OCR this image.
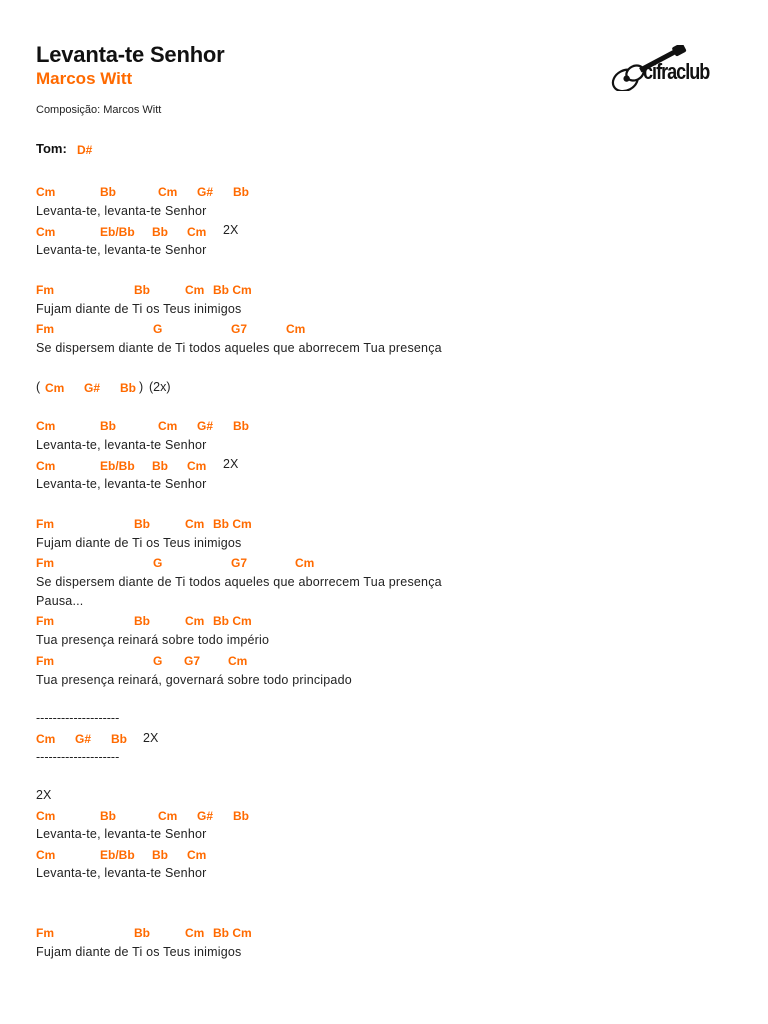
Levanta-te Senhor
Marcos Witt
Composição: Marcos Witt
Tom: D#
cifraclub
Cm	Bb	Cm G# Bb
Levanta-te, levanta-te Senhor
Cm	Eb/Bb Bb Cm 2X
Levanta-te, levanta-te Senhor
Fm	Bb	Cm Bb Cm
Fujam diante de Ti os Teus inimigos
Fm	G	G7	Cm
Se dispersem diante de Ti todos aqueles que aborrecem Tua presença
( Cm G# Bb ) (2x)
Cm	Bb	Cm G# Bb
Levanta-te, levanta-te Senhor
Cm	Eb/Bb Bb Cm 2X
Levanta-te, levanta-te Senhor
Fm	Bb	Cm Bb Cm
Fujam diante de Ti os Teus inimigos
Fm	G	G7	Cm
Se dispersem diante de Ti todos aqueles que aborrecem Tua presença
Pausa...
Fm	Bb	Cm Bb Cm
Tua presença reinará sobre todo império
Fm	G G7 Cm
Tua presença reinará, governará sobre todo principado
--------------------
Cm G# Bb 2X
--------------------
2X
Cm	Bb	Cm G# Bb
Levanta-te, levanta-te Senhor
Cm	Eb/Bb Bb Cm
Levanta-te, levanta-te Senhor
Fm	Bb	Cm Bb Cm
Fujam diante de Ti os Teus inimigos
